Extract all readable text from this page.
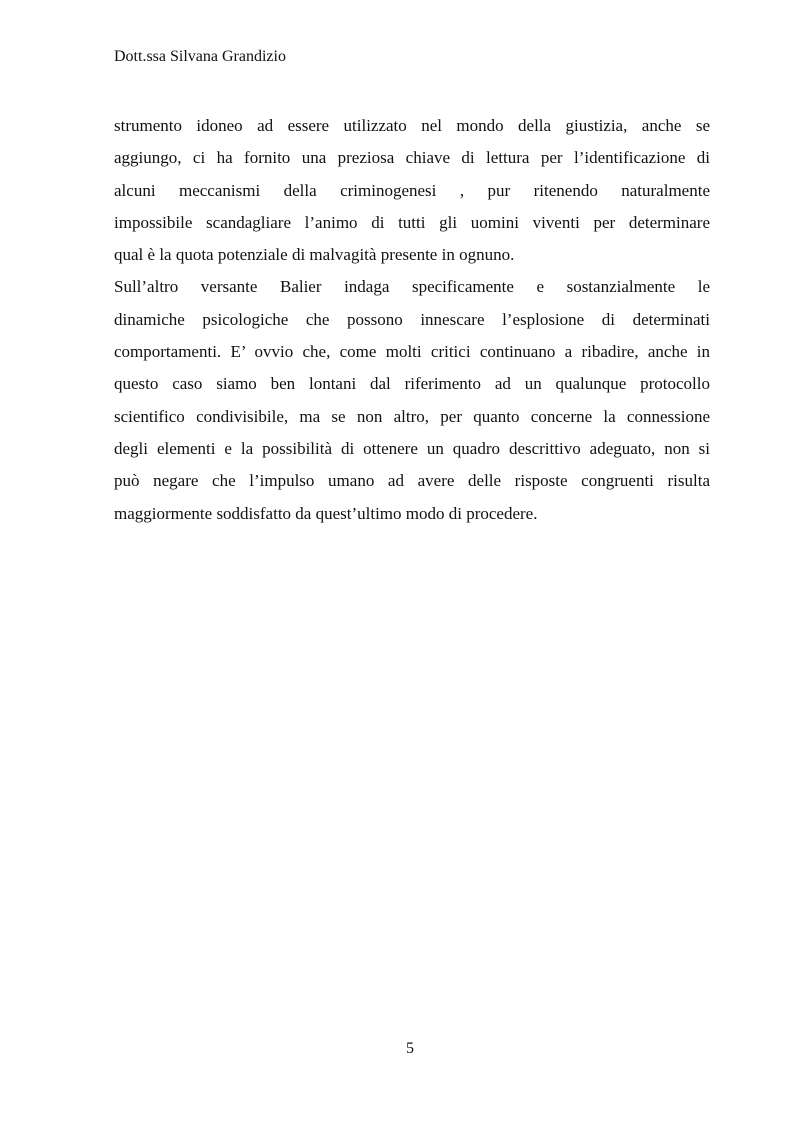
Dott.ssa Silvana Grandizio
strumento idoneo ad essere utilizzato nel mondo della giustizia, anche se
aggiungo, ci ha fornito una preziosa chiave di lettura per l’identificazione di
alcuni meccanismi della criminogenesi , pur ritenendo naturalmente
impossibile scandagliare l’animo di tutti gli uomini viventi per determinare
qual è la quota potenziale di malvagità presente in ognuno.
Sull’altro versante Balier indaga specificamente e sostanzialmente le
dinamiche psicologiche che possono innescare l’esplosione di determinati
comportamenti. E’ ovvio che, come molti critici continuano a ribadire, anche in
questo caso siamo ben lontani dal riferimento ad un qualunque protocollo
scientifico condivisibile, ma se non altro, per quanto concerne la connessione
degli elementi e la possibilità di ottenere un quadro descrittivo adeguato, non si
può negare che l’impulso umano ad avere delle risposte congruenti risulta
maggiormente soddisfatto da quest’ultimo modo di procedere.
5
